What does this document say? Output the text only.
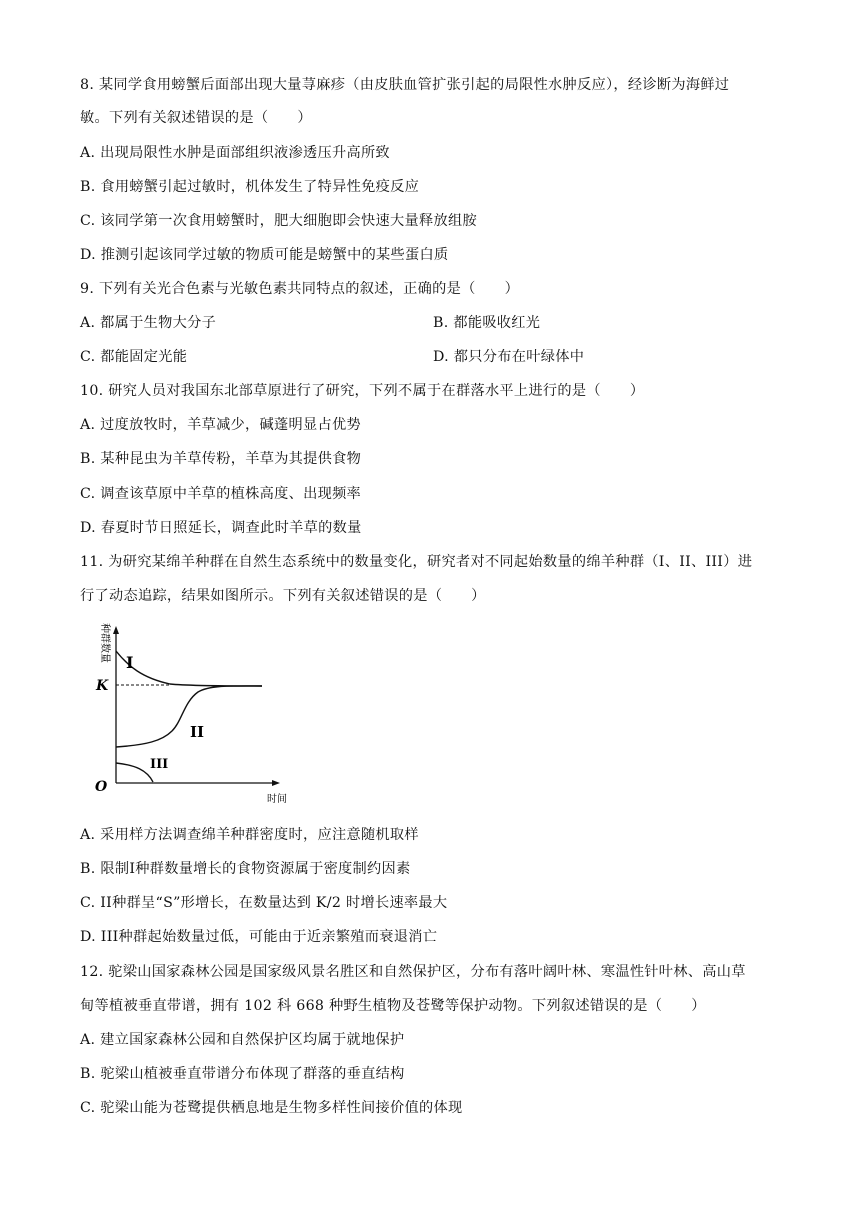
8. 某同学食用螃蟹后面部出现大量荨麻疹（由皮肤血管扩张引起的局限性水肿反应），经诊断为海鲜过
敏。下列有关叙述错误的是（　　）
A. 出现局限性水肿是面部组织液渗透压升高所致
B. 食用螃蟹引起过敏时，机体发生了特异性免疫反应
C. 该同学第一次食用螃蟹时，肥大细胞即会快速大量释放组胺
D. 推测引起该同学过敏的物质可能是螃蟹中的某些蛋白质
9. 下列有关光合色素与光敏色素共同特点的叙述，正确的是（　　）
A. 都属于生物大分子	B. 都能吸收红光
C. 都能固定光能	D. 都只分布在叶绿体中
10. 研究人员对我国东北部草原进行了研究，下列不属于在群落水平上进行的是（　　）
A. 过度放牧时，羊草减少，碱蓬明显占优势
B. 某种昆虫为羊草传粉，羊草为其提供食物
C. 调查该草原中羊草的植株高度、出现频率
D. 春夏时节日照延长，调查此时羊草的数量
11. 为研究某绵羊种群在自然生态系统中的数量变化，研究者对不同起始数量的绵羊种群（I、II、III）进
行了动态追踪，结果如图所示。下列有关叙述错误的是（　　）
种群数量
K
O
I
II
III
时间
A. 采用样方法调查绵羊种群密度时，应注意随机取样
B. 限制I种群数量增长的食物资源属于密度制约因素
C. II种群呈“S”形增长，在数量达到 K/2 时增长速率最大
D. III种群起始数量过低，可能由于近亲繁殖而衰退消亡
12. 驼梁山国家森林公园是国家级风景名胜区和自然保护区，分布有落叶阔叶林、寒温性针叶林、高山草
甸等植被垂直带谱，拥有 102 科 668 种野生植物及苍鹭等保护动物。下列叙述错误的是（　　）
A. 建立国家森林公园和自然保护区均属于就地保护
B. 驼梁山植被垂直带谱分布体现了群落的垂直结构
C. 驼梁山能为苍鹭提供栖息地是生物多样性间接价值的体现
